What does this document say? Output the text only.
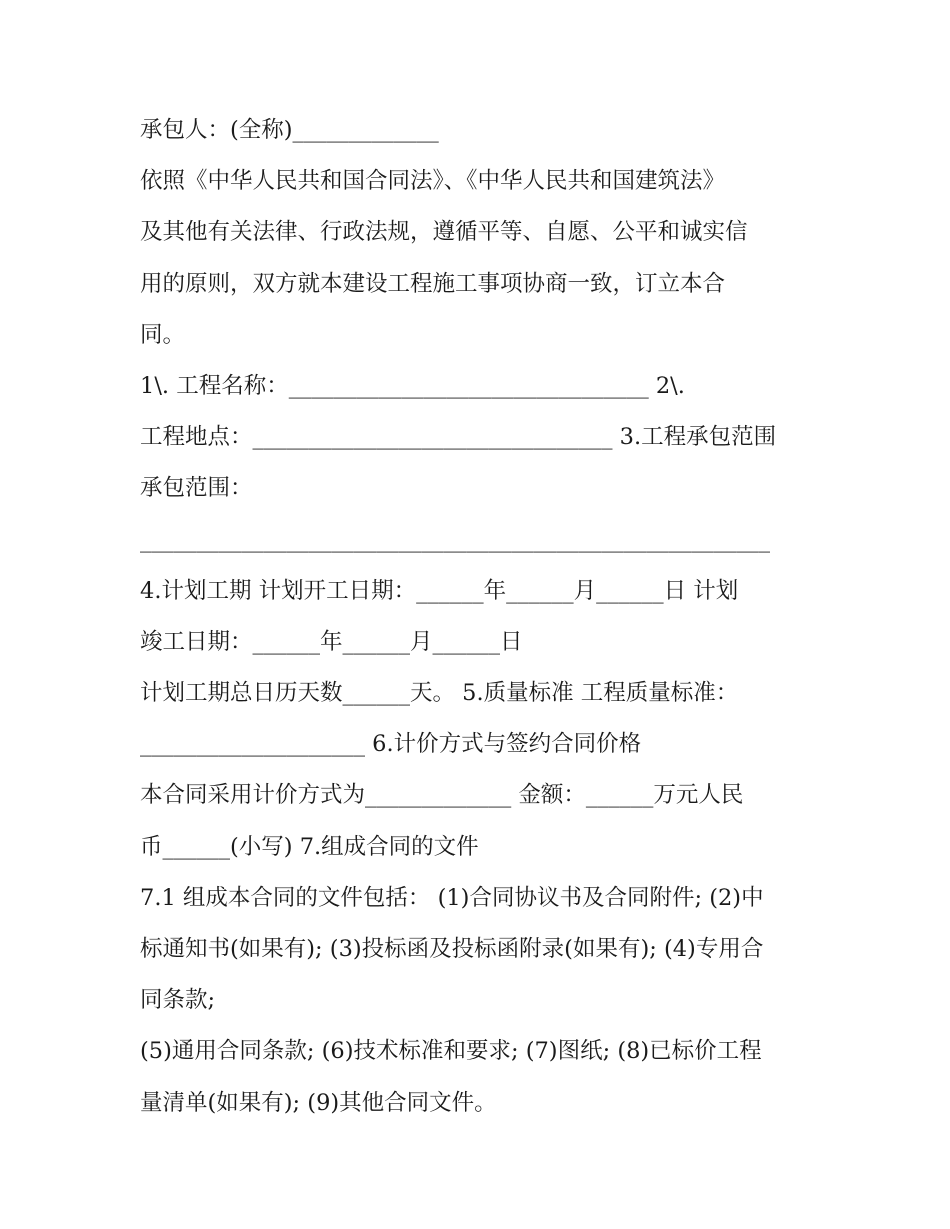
承包人：(全称)_____________
依照《中华人民共和国合同法》、《中华人民共和国建筑法》
及其他有关法律、行政法规，遵循平等、自愿、公平和诚实信
用的原则，双方就本建设工程施工事项协商一致，订立本合
同。
1\. 工程名称：________________________________ 2\.
工程地点：________________________________ 3.工程承包范围
承包范围：
________________________________________________________
4.计划工期 计划开工日期：______年______月______日 计划
竣工日期：______年______月______日
计划工期总日历天数______天。 5.质量标准 工程质量标准：
____________________ 6.计价方式与签约合同价格
本合同采用计价方式为_____________ 金额：______万元人民
币______(小写) 7.组成合同的文件
7.1 组成本合同的文件包括： (1)合同协议书及合同附件; (2)中
标通知书(如果有); (3)投标函及投标函附录(如果有); (4)专用合
同条款;
(5)通用合同条款; (6)技术标准和要求; (7)图纸; (8)已标价工程
量清单(如果有); (9)其他合同文件。
